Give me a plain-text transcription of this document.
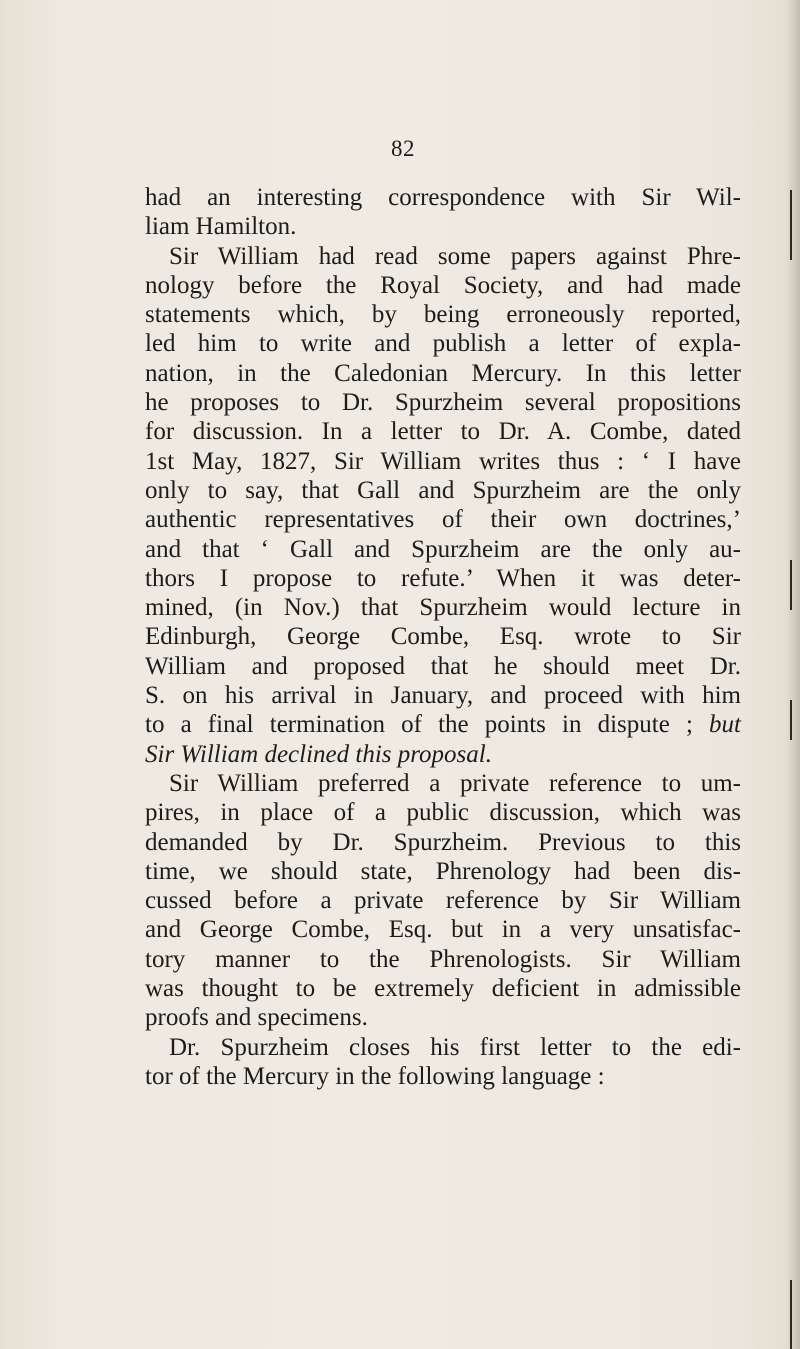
82

had an interesting correspondence with Sir Wil-

liam Hamilton.

Sir William had read some papers against Phre-

nology before the Royal Society, and had made

statements which, by being erroneously reported,

led him to write and publish a letter of expla-

nation, in the Caledonian Mercury. In this letter

he proposes to Dr. Spurzheim several propositions

for discussion. In a letter to Dr. A. Combe, dated

1st May, 1827, Sir William writes thus : ‘ I have

only to say, that Gall and Spurzheim are the only

authentic representatives of their own doctrines,’

and that ‘ Gall and Spurzheim are the only au-

thors I propose to refute.’ When it was deter-

mined, (in Nov.) that Spurzheim would lecture in

Edinburgh, George Combe, Esq. wrote to Sir

William and proposed that he should meet Dr.

S. on his arrival in January, and proceed with him

to a final termination of the points in dispute ; but

Sir William declined this proposal.

Sir William preferred a private reference to um-

pires, in place of a public discussion, which was

demanded by Dr. Spurzheim. Previous to this

time, we should state, Phrenology had been dis-

cussed before a private reference by Sir William

and George Combe, Esq. but in a very unsatisfac-

tory manner to the Phrenologists. Sir William

was thought to be extremely deficient in admissible

proofs and specimens.

Dr. Spurzheim closes his first letter to the edi-

tor of the Mercury in the following language :
